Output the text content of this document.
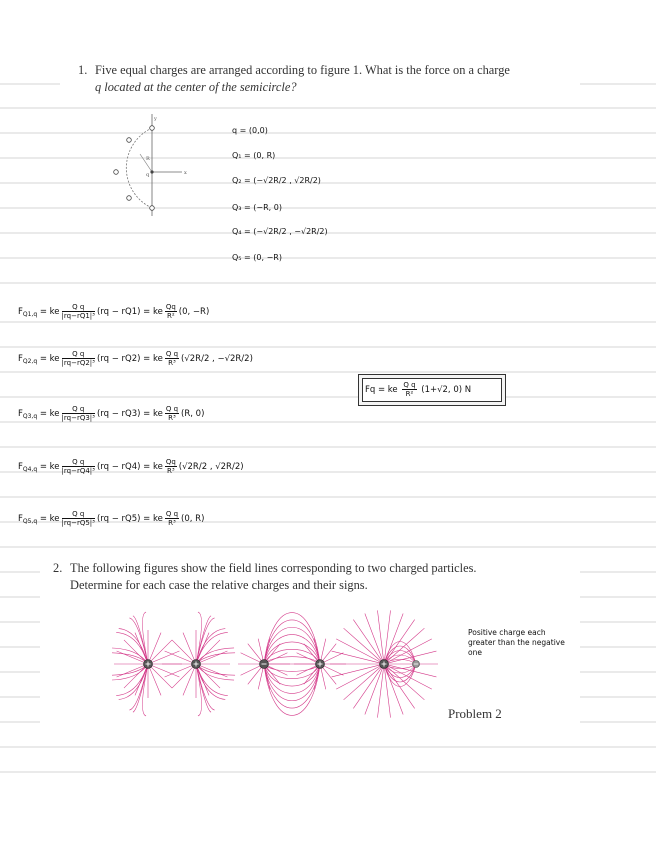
1. Five equal charges are arranged according to figure 1. What is the force on a charge
q located at the center of the semicircle?
y
x
q
R
q = (0,0)
Q₁ = (0, R)
Q₂ = (−√2R/2 , √2R/2)
Q₃ = (−R, 0)
Q₄ = (−√2R/2 , −√2R/2)
Q₅ = (0, −R)
$F_{Q1,q}$ = ke $\frac{\text{Q q}}{\text{|rq−rQ1|³}} (rq - rQ1)$ = ke $\frac{Qq}{\text{R²}} (0$, −R)
$F_{Q2,q}$ = ke $\frac{\text{Q q}}{\text{|rq−rQ2|³}} (rq - rQ2)$ = ke $\frac{\text{Q q}}{\text{R³}} (√2R/2$ , −√2R/2)
$F_{Q3,q}$ = ke $\frac{\text{Q q}}{\text{|rq−rQ3|³}} (rq - rQ3)$ = ke $\frac{\text{Q q}}{\text{R³}} (R$, 0)
$F_{Q4,q}$ = ke $\frac{\text{Q q}}{\text{|rq−rQ4|³}} (rq - rQ4)$ = ke $\frac{Qq}{\text{R³}} (√2R/2$ , √2R/2)
$F_{Q5,q}$ = ke $\frac{\text{Q q}}{\text{|rq−rQ5|³}} (rq - rQ5)$ = ke $\frac{\text{Q q}}{\text{R³}} (0$, R)
Fq = ke $\frac{\text{Q q}}{\text{R²}} (1+√2$, 0) N
2. The following figures show the field lines corresponding to two charged particles.
Determine for each case the relative charges and their signs.
Positive charge each greater than the negative one
Problem 2
